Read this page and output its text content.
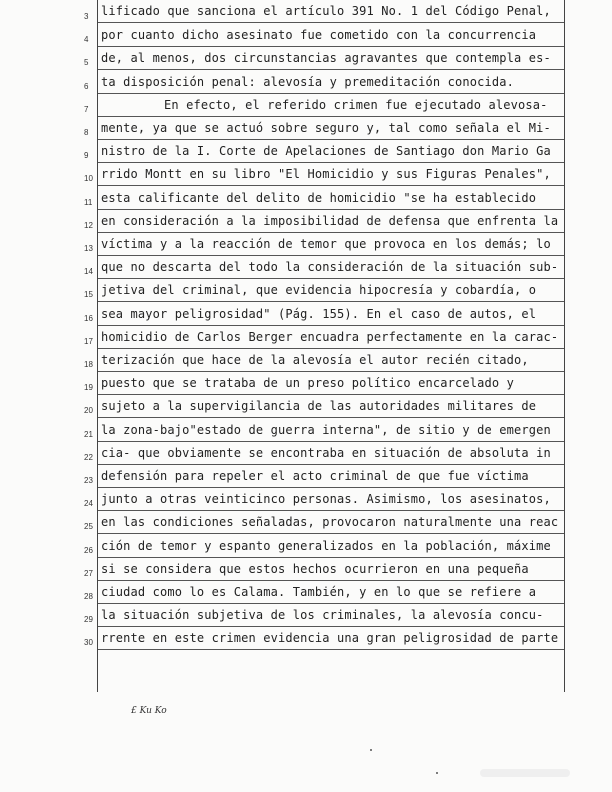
3
4
5
6
7
8
9
10
11
12
13
14
15
16
17
18
19
20
21
22
23
24
25
26
27
28
29
30
lificado que sanciona el artículo 391 No. 1 del Código Penal,
por cuanto dicho asesinato fue cometido con la concurrencia
de, al menos, dos circunstancias agravantes que contempla es-
ta disposición penal: alevosía y premeditación conocida.
En efecto, el referido crimen fue ejecutado alevosa-
mente, ya que se actuó sobre seguro y, tal como señala el Mi-
nistro de la I. Corte de Apelaciones de Santiago don Mario Ga
rrido Montt en su libro "El Homicidio y sus Figuras Penales",
esta calificante del delito de homicidio "se ha establecido
en consideración a la imposibilidad de defensa que enfrenta la
víctima y a la reacción de temor que provoca en los demás; lo
que no descarta del todo la consideración de la situación sub-
jetiva del criminal, que evidencia hipocresía y cobardía, o
sea mayor peligrosidad" (Pág. 155). En el caso de autos, el
homicidio de Carlos Berger encuadra perfectamente en la carac-
terización que hace de la alevosía el autor recién citado,
puesto que se trataba de un preso político encarcelado y
sujeto a la supervigilancia de las autoridades militares de
la zona-bajo"estado de guerra interna", de sitio y de emergen
cia- que obviamente se encontraba en situación de absoluta in
defensión para repeler el acto criminal de que fue víctima
junto a otras veinticinco personas. Asimismo, los asesinatos,
en las condiciones señaladas, provocaron naturalmente una reac
ción de temor y espanto generalizados en la población, máxime
si se considera que estos hechos ocurrieron en una pequeña
ciudad como lo es Calama. También, y en lo que se refiere a
la situación subjetiva de los criminales, la alevosía concu-
rrente en este crimen evidencia una gran peligrosidad de parte
£ Ku Ko
